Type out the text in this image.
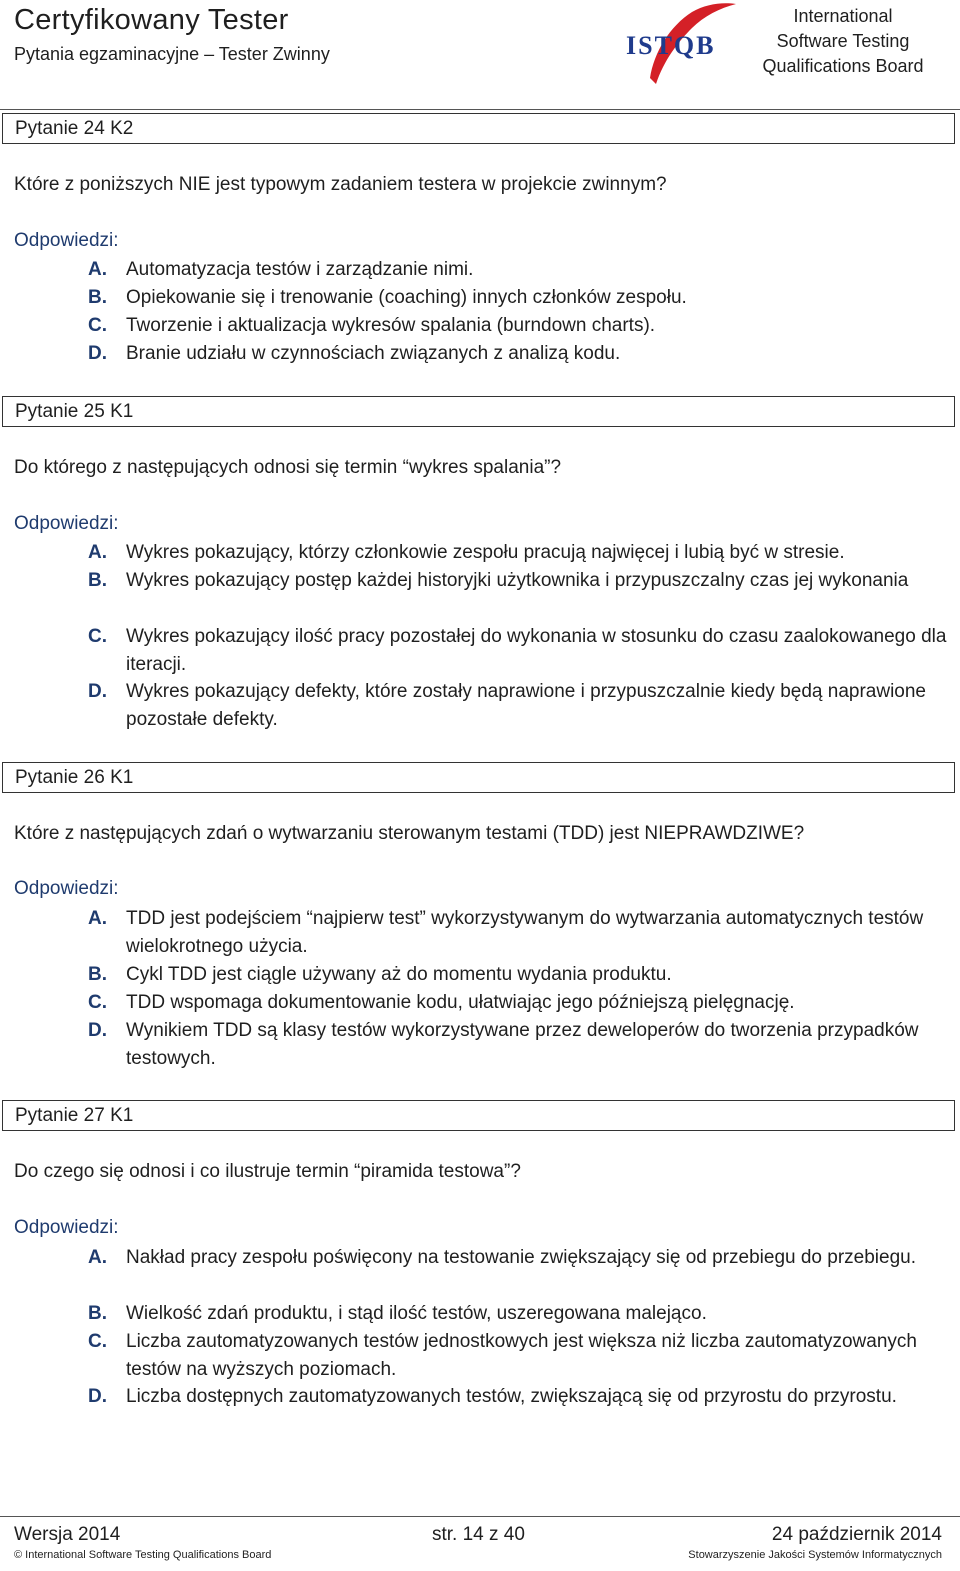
Certyfikowany Tester
Pytania egzaminacyjne – Tester Zwinny	ISTQB
International
Software Testing
Qualifications Board
Pytanie 24 K2
Które z poniższych NIE jest typowym zadaniem testera w projekcie zwinnym?
Odpowiedzi:
A.	Automatyzacja testów i zarządzanie nimi.
B.	Opiekowanie się i trenowanie (coaching) innych członków zespołu.
C.	Tworzenie i aktualizacja wykresów spalania (burndown charts).
D.	Branie udziału w czynnościach związanych z analizą kodu.
Pytanie 25 K1
Do którego z następujących odnosi się termin “wykres spalania”?
Odpowiedzi:
A.	Wykres pokazujący, którzy członkowie zespołu pracują najwięcej i lubią być w stresie.
B.	Wykres pokazujący postęp każdej historyjki użytkownika i przypuszczalny czas jej wykonania
C.	Wykres pokazujący ilość pracy pozostałej do wykonania w stosunku do czasu zaalokowanego dla iteracji.
D.	Wykres pokazujący defekty, które zostały naprawione i przypuszczalnie kiedy będą naprawione pozostałe defekty.
Pytanie 26 K1
Które z następujących zdań o wytwarzaniu sterowanym testami (TDD) jest NIEPRAWDZIWE?
Odpowiedzi:
A.	TDD jest podejściem “najpierw test” wykorzystywanym do wytwarzania automatycznych testów wielokrotnego użycia.
B.	Cykl TDD jest ciągle używany aż do momentu wydania produktu.
C.	TDD wspomaga dokumentowanie kodu, ułatwiając jego późniejszą pielęgnację.
D.	Wynikiem TDD są klasy testów wykorzystywane przez deweloperów do tworzenia przypadków testowych.
Pytanie 27 K1
Do czego się odnosi i co ilustruje termin “piramida testowa”?
Odpowiedzi:
A.	Nakład pracy zespołu poświęcony na testowanie zwiększający się od przebiegu do przebiegu.
B.	Wielkość zdań produktu, i stąd ilość testów, uszeregowana malejąco.
C.	Liczba zautomatyzowanych testów jednostkowych jest większa niż liczba zautomatyzowanych testów na wyższych poziomach.
D.	Liczba dostępnych zautomatyzowanych testów, zwiększającą się od przyrostu do przyrostu.
Wersja 2014	str. 14 z 40	24 październik 2014
© International Software Testing Qualifications Board	Stowarzyszenie Jakości Systemów Informatycznych
